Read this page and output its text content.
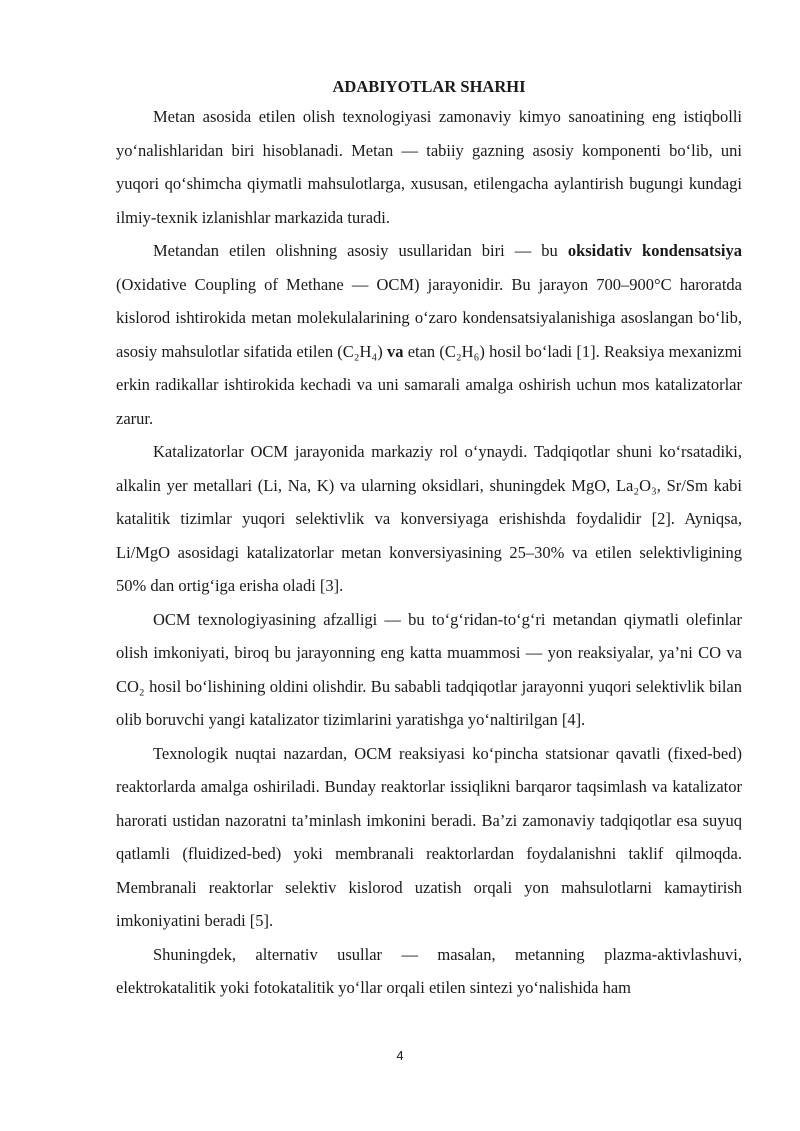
ADABIYOTLAR SHARHI

Metan asosida etilen olish texnologiyasi zamonaviy kimyo sanoatining eng istiqbolli yo‘nalishlaridan biri hisoblanadi. Metan — tabiiy gazning asosiy komponenti bo‘lib, uni yuqori qo‘shimcha qiymatli mahsulotlarga, xususan, etilengacha aylantirish bugungi kundagi ilmiy-texnik izlanishlar markazida turadi.

Metandan etilen olishning asosiy usullaridan biri — bu oksidativ kondensatsiya (Oxidative Coupling of Methane — OCM) jarayonidir. Bu jarayon 700–900°C haroratda kislorod ishtirokida metan molekulalarining o‘zaro kondensatsiyalanishiga asoslangan bo‘lib, asosiy mahsulotlar sifatida etilen (C₂H₄) va etan (C₂H₆) hosil bo‘ladi [1]. Reaksiya mexanizmi erkin radikallar ishtirokida kechadi va uni samarali amalga oshirish uchun mos katalizatorlar zarur.

Katalizatorlar OCM jarayonida markaziy rol o‘ynaydi. Tadqiqotlar shuni ko‘rsatadiki, alkalin yer metallari (Li, Na, K) va ularning oksidlari, shuningdek MgO, La₂O₃, Sr/Sm kabi katalitik tizimlar yuqori selektivlik va konversiyaga erishishda foydalidir [2]. Ayniqsa, Li/MgO asosidagi katalizatorlar metan konversiyasining 25–30% va etilen selektivligining 50% dan ortig‘iga erisha oladi [3].

OCM texnologiyasining afzalligi — bu to‘g‘ridan-to‘g‘ri metandan qiymatli olefinlar olish imkoniyati, biroq bu jarayonning eng katta muammosi — yon reaksiyalar, ya’ni CO va CO₂ hosil bo‘lishining oldini olishdir. Bu sababli tadqiqotlar jarayonni yuqori selektivlik bilan olib boruvchi yangi katalizator tizimlarini yaratishga yo‘naltirilgan [4].

Texnologik nuqtai nazardan, OCM reaksiyasi ko‘pincha statsionar qavatli (fixed-bed) reaktorlarda amalga oshiriladi. Bunday reaktorlar issiqlikni barqaror taqsimlash va katalizator harorati ustidan nazoratni ta’minlash imkonini beradi. Ba’zi zamonaviy tadqiqotlar esa suyuq qatlamli (fluidized-bed) yoki membranali reaktorlardan foydalanishni taklif qilmoqda. Membranali reaktorlar selektiv kislorod uzatish orqali yon mahsulotlarni kamaytirish imkoniyatini beradi [5].

Shuningdek, alternativ usullar — masalan, metanning plazma-aktivlashuvi, elektrokatalitik yoki fotokatalitik yo‘llar orqali etilen sintezi yo‘nalishida ham

4
